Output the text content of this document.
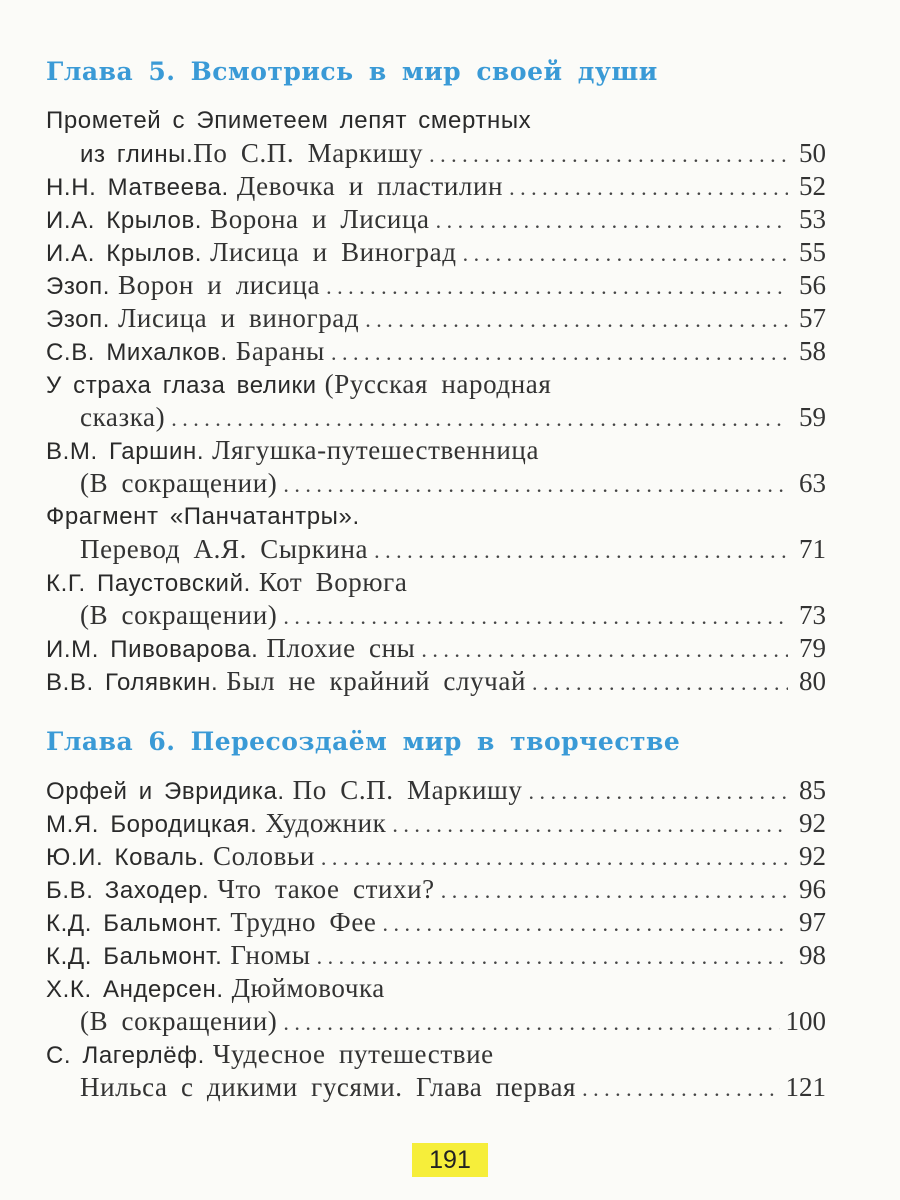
Глава 5. Всмотрись в мир своей души
Прометей с Эпиметеем лепят смертных
из глины. По С.П. Маркишу . . .	50
Н.Н. Матвеева. Девочка и пластилин . . .	52
И.А. Крылов. Ворона и Лисица . . .	53
И.А. Крылов. Лисица и Виноград . . .	55
Эзоп. Ворон и лисица . . .	56
Эзоп. Лисица и виноград . . .	57
С.В. Михалков. Бараны . . .	58
У страха глаза велики (Русская народная
сказка) . . .	59
В.М. Гаршин. Лягушка-путешественница
(В сокращении) . . .	63
Фрагмент «Панчатантры».
Перевод А.Я. Сыркина . . .	71
К.Г. Паустовский. Кот Ворюга
(В сокращении) . . .	73
И.М. Пивоварова. Плохие сны . . .	79
В.В. Голявкин. Был не крайний случай . . .	80
Глава 6. Пересоздаём мир в творчестве
Орфей и Эвридика. По С.П. Маркишу . . .	85
М.Я. Бородицкая. Художник . . .	92
Ю.И. Коваль. Соловьи . . .	92
Б.В. Заходер. Что такое стихи? . . .	96
К.Д. Бальмонт. Трудно Фее . . .	97
К.Д. Бальмонт. Гномы . . .	98
Х.К. Андерсен. Дюймовочка
(В сокращении) . . .	100
С. Лагерлёф. Чудесное путешествие
Нильса с дикими гусями. Глава первая . . .	121
191
